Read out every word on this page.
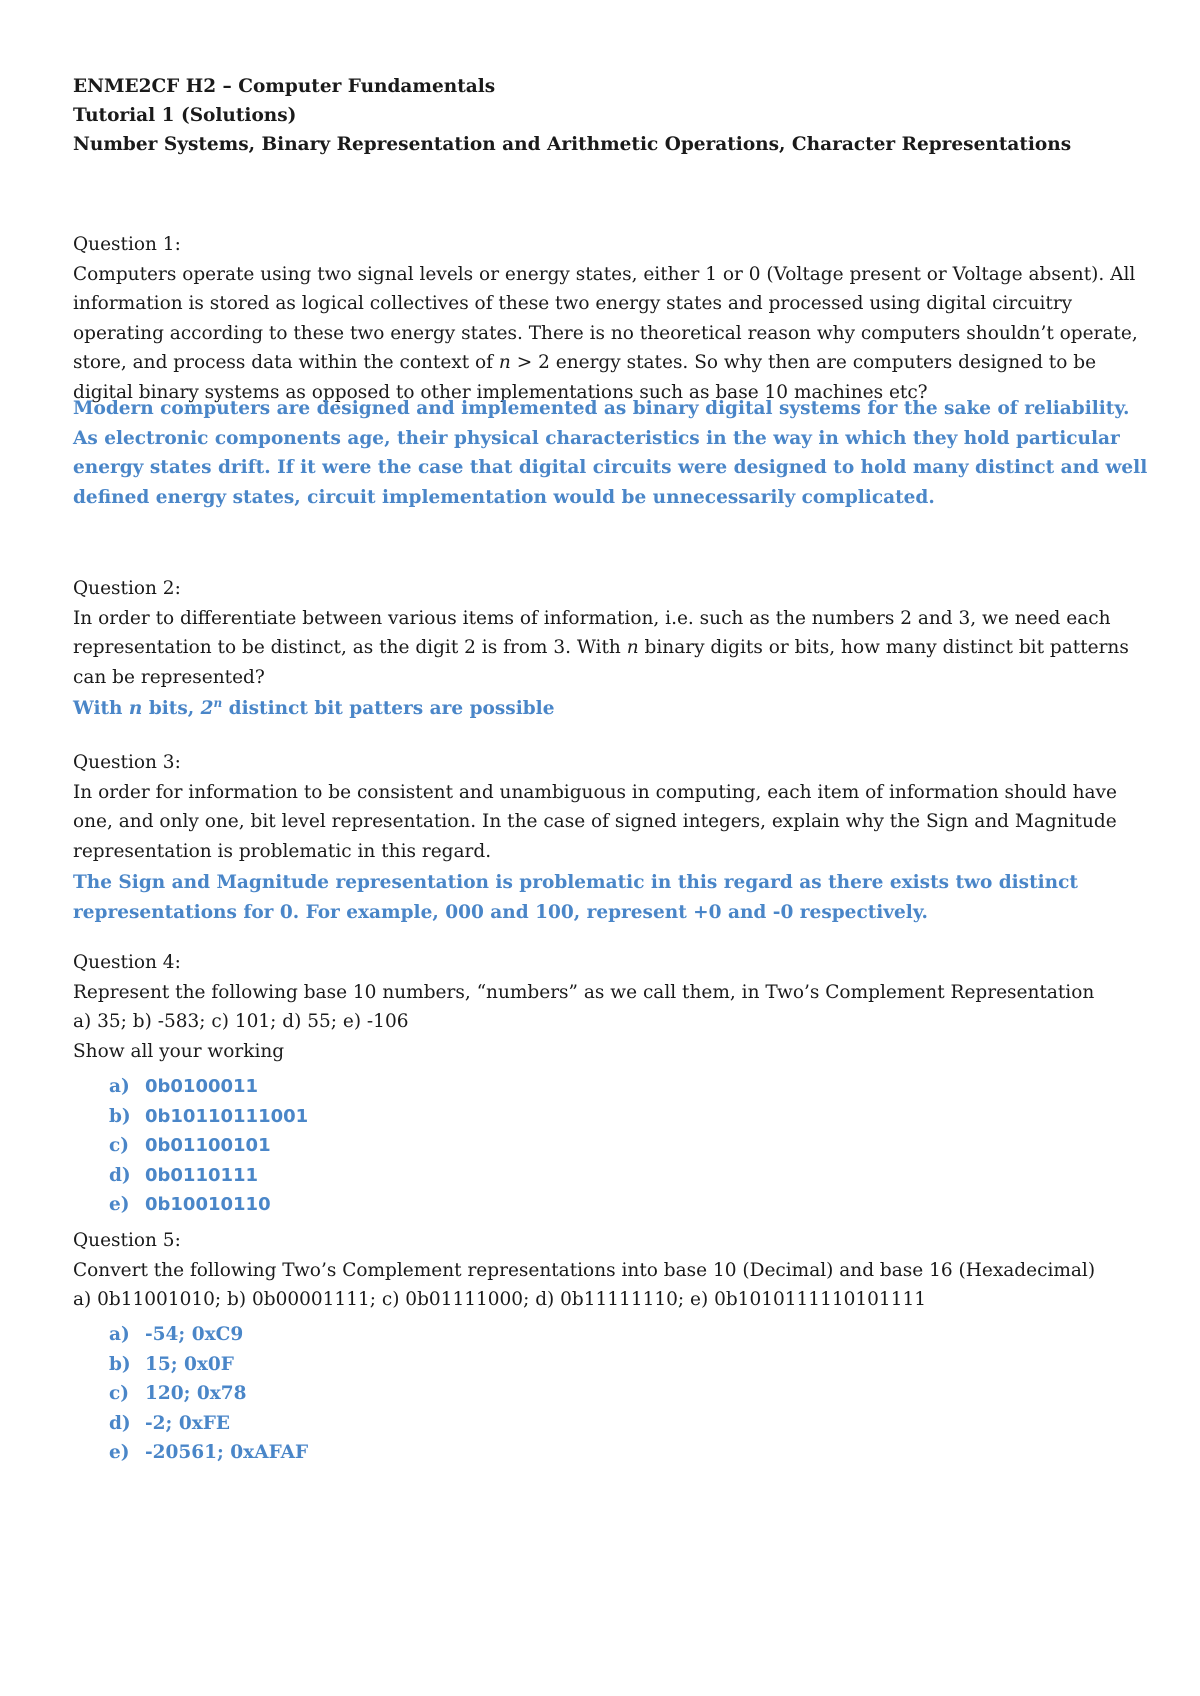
ENME2CF H2 – Computer Fundamentals
Tutorial 1 (Solutions)
Number Systems, Binary Representation and Arithmetic Operations, Character Representations
Question 1:
Computers operate using two signal levels or energy states, either 1 or 0 (Voltage present or Voltage absent). All information is stored as logical collectives of these two energy states and processed using digital circuitry operating according to these two energy states. There is no theoretical reason why computers shouldn’t operate, store, and process data within the context of n > 2 energy states. So why then are computers designed to be digital binary systems as opposed to other implementations such as base 10 machines etc?
Modern computers are designed and implemented as binary digital systems for the sake of reliability. As electronic components age, their physical characteristics in the way in which they hold particular energy states drift. If it were the case that digital circuits were designed to hold many distinct and well defined energy states, circuit implementation would be unnecessarily complicated.
Question 2:
In order to differentiate between various items of information, i.e. such as the numbers 2 and 3, we need each representation to be distinct, as the digit 2 is from 3. With n binary digits or bits, how many distinct bit patterns can be represented?
With n bits, 2$^n$ distinct bit patters are possible
Question 3:
In order for information to be consistent and unambiguous in computing, each item of information should have one, and only one, bit level representation. In the case of signed integers, explain why the Sign and Magnitude representation is problematic in this regard.
The Sign and Magnitude representation is problematic in this regard as there exists two distinct representations for 0. For example, 000 and 100, represent +0 and -0 respectively.
Question 4:
Represent the following base 10 numbers, “numbers” as we call them, in Two’s Complement Representation
a) 35; b) -583; c) 101; d) 55; e) -106
Show all your working
a) 0b0100011
b) 0b10110111001
c) 0b01100101
d) 0b0110111
e) 0b10010110
Question 5:
Convert the following Two’s Complement representations into base 10 (Decimal) and base 16 (Hexadecimal)
a) 0b11001010; b) 0b00001111; c) 0b01111000; d) 0b11111110; e) 0b1010111110101111
a) -54; 0xC9
b) 15; 0x0F
c) 120; 0x78
d) -2; 0xFE
e) -20561; 0xAFAF
